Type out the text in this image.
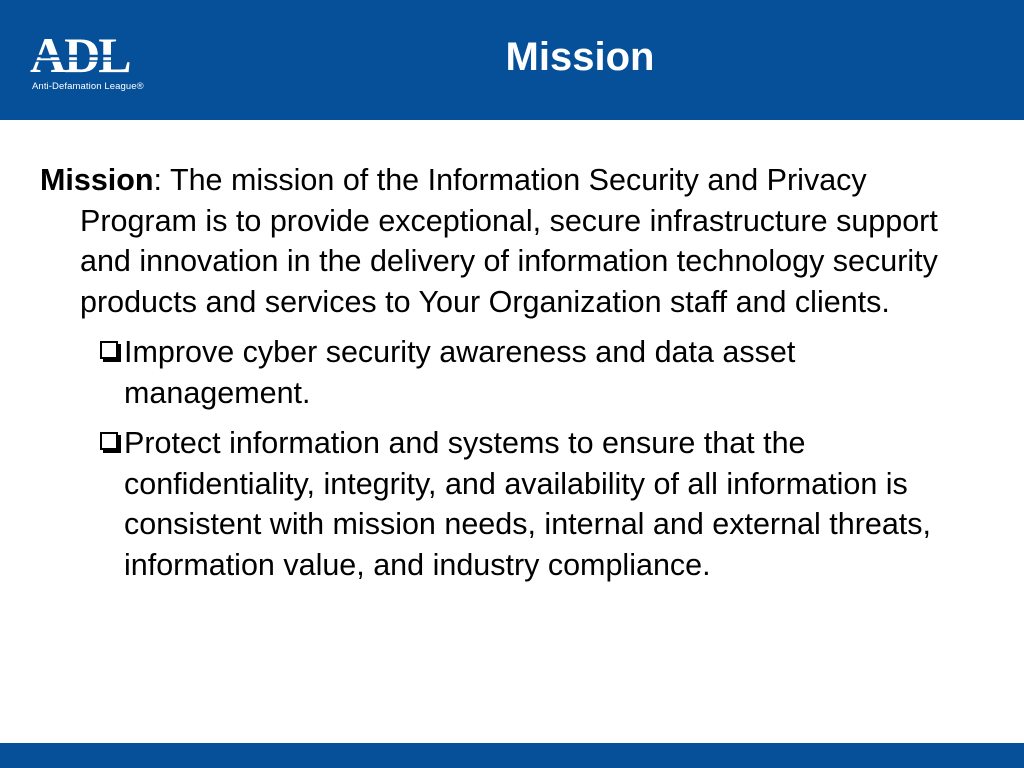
ADL
Anti-Defamation League®
Mission

Mission: The mission of the Information Security and Privacy Program is to provide exceptional, secure infrastructure support and innovation in the delivery of information technology security products and services to Your Organization staff and clients.

Improve cyber security awareness and data asset management.
Protect information and systems to ensure that the confidentiality, integrity, and availability of all information is consistent with mission needs, internal and external threats, information value, and industry compliance.
